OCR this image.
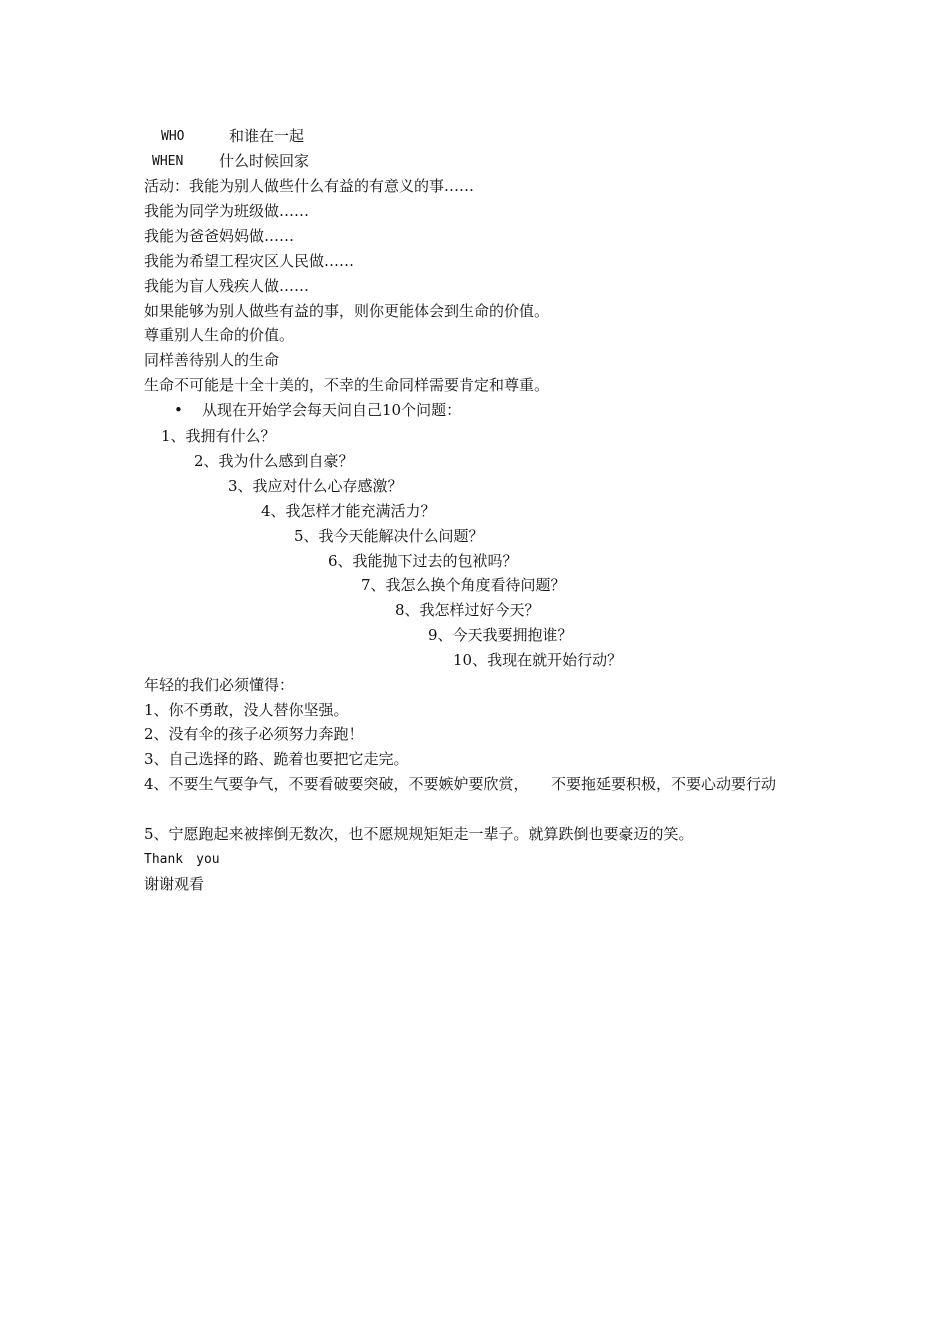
WHO	和谁在一起
WHEN 什么时候回家
活动：我能为别人做些什么有益的有意义的事……
我能为同学为班级做……
我能为爸爸妈妈做……
我能为希望工程灾区人民做……
我能为盲人残疾人做……
如果能够为别人做些有益的事，则你更能体会到生命的价值。
尊重别人生命的价值。
同样善待别人的生命
生命不可能是十全十美的，不幸的生命同样需要肯定和尊重。
• 从现在开始学会每天问自己10个问题：
1、我拥有什么？
2、我为什么感到自豪？
3、我应对什么心存感激？
4、我怎样才能充满活力？
5、我今天能解决什么问题？
6、我能抛下过去的包袱吗？
7、我怎么换个角度看待问题？
8、我怎样过好今天？
9、今天我要拥抱谁？
10、我现在就开始行动？
年轻的我们必须懂得：
1、你不勇敢，没人替你坚强。
2、没有伞的孩子必须努力奔跑！
3、自己选择的路、跪着也要把它走完。
4、不要生气要争气，不要看破要突破，不要嫉妒要欣赏，　　不要拖延要积极，不要心动要行动
5、宁愿跑起来被摔倒无数次，也不愿规规矩矩走一辈子。就算跌倒也要豪迈的笑。
Thank　you
谢谢观看
